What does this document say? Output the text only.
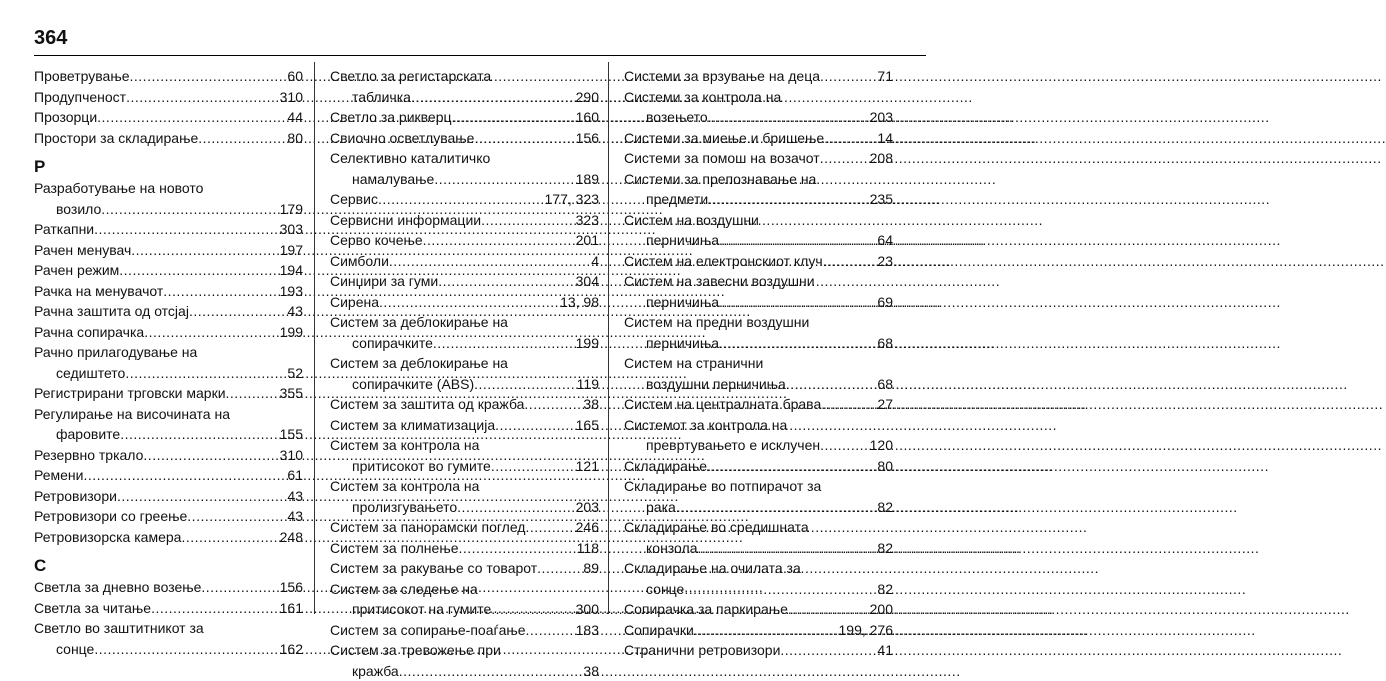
364
Проветрување .....	60
Продупченост .....	310
Прозорци .....	44
Простори за складирање .....	80
Р
Разработување на новото
возило .....	179
Раткапни .....	303
Рачен менувач .....	197
Рачен режим .....	194
Рачка на менувачот .....	193
Рачна заштита од отсјај .....	43
Рачна сопирачка .....	199
Рачно прилагодување на
седиштето .....	52
Регистрирани трговски марки .....	355
Регулирање на височината на
фаровите .....	155
Резервно тркало .....	310
Ремени .....	61
Ретровизори .....	43
Ретровизори со греење .....	43
Ретровизорска камера .....	248
С
Светла за дневно возење .....	156
Светла за читање .....	161
Светло во заштитникот за
сонце .....	162
Светло за регистарската
табличка .....	290
Светло за рикверц .....	160
Свиочно осветлување .....	156
Селективно каталитичко
намалување .....	189
Сервис .....	177, 323
Сервисни информации .....	323
Серво кочење .....	201
Симболи .....	4
Синџири за гуми .....	304
Сирена .....	13, 98
Систем за деблокирање на
сопирачките .....	199
Систем за деблокирање на
сопирачките (ABS) .....	119
Систем за заштита од кражба .....	38
Систем за климатизација .....	165
Систем за контрола на
притисокот во гумите .....	121
Систем за контрола на
пролизгувањето .....	203
Систем за панорамски поглед .....	246
Систем за полнење .....	118
Систем за ракување со товарот .....	89
Систем за следење на
притисокот на гумите .....	300
Систем за сопирање-поаѓање .....	183
Систем за тревожење при
кражба .....	38
Системи за врзување на деца .....	71
Системи за контрола на
возењето .....	203
Системи за миење и бришење .....	14
Системи за помош на возачот .....	208
Системи за препознавање на
предмети .....	235
Систем на воздушни
перничиња .....	64
Систем на електронскиот клуч .....	23
Систем на завесни воздушни
перничиња .....	69
Систем на предни воздушни
перничиња .....	68
Систем на странични
воздушни перничиња .....	68
Систем на централната брава .....	27
Системот за контрола на
превртувањето е исклучен .....	120
Складирање .....	80
Складирање во потпирачот за
рака .....	82
Складирање во средишната
конзола .....	82
Складирање на очилата за
сонце .....	82
Сопирачка за паркирање .....	200
Сопирачки .....	199, 276
Странични ретровизори .....	41
